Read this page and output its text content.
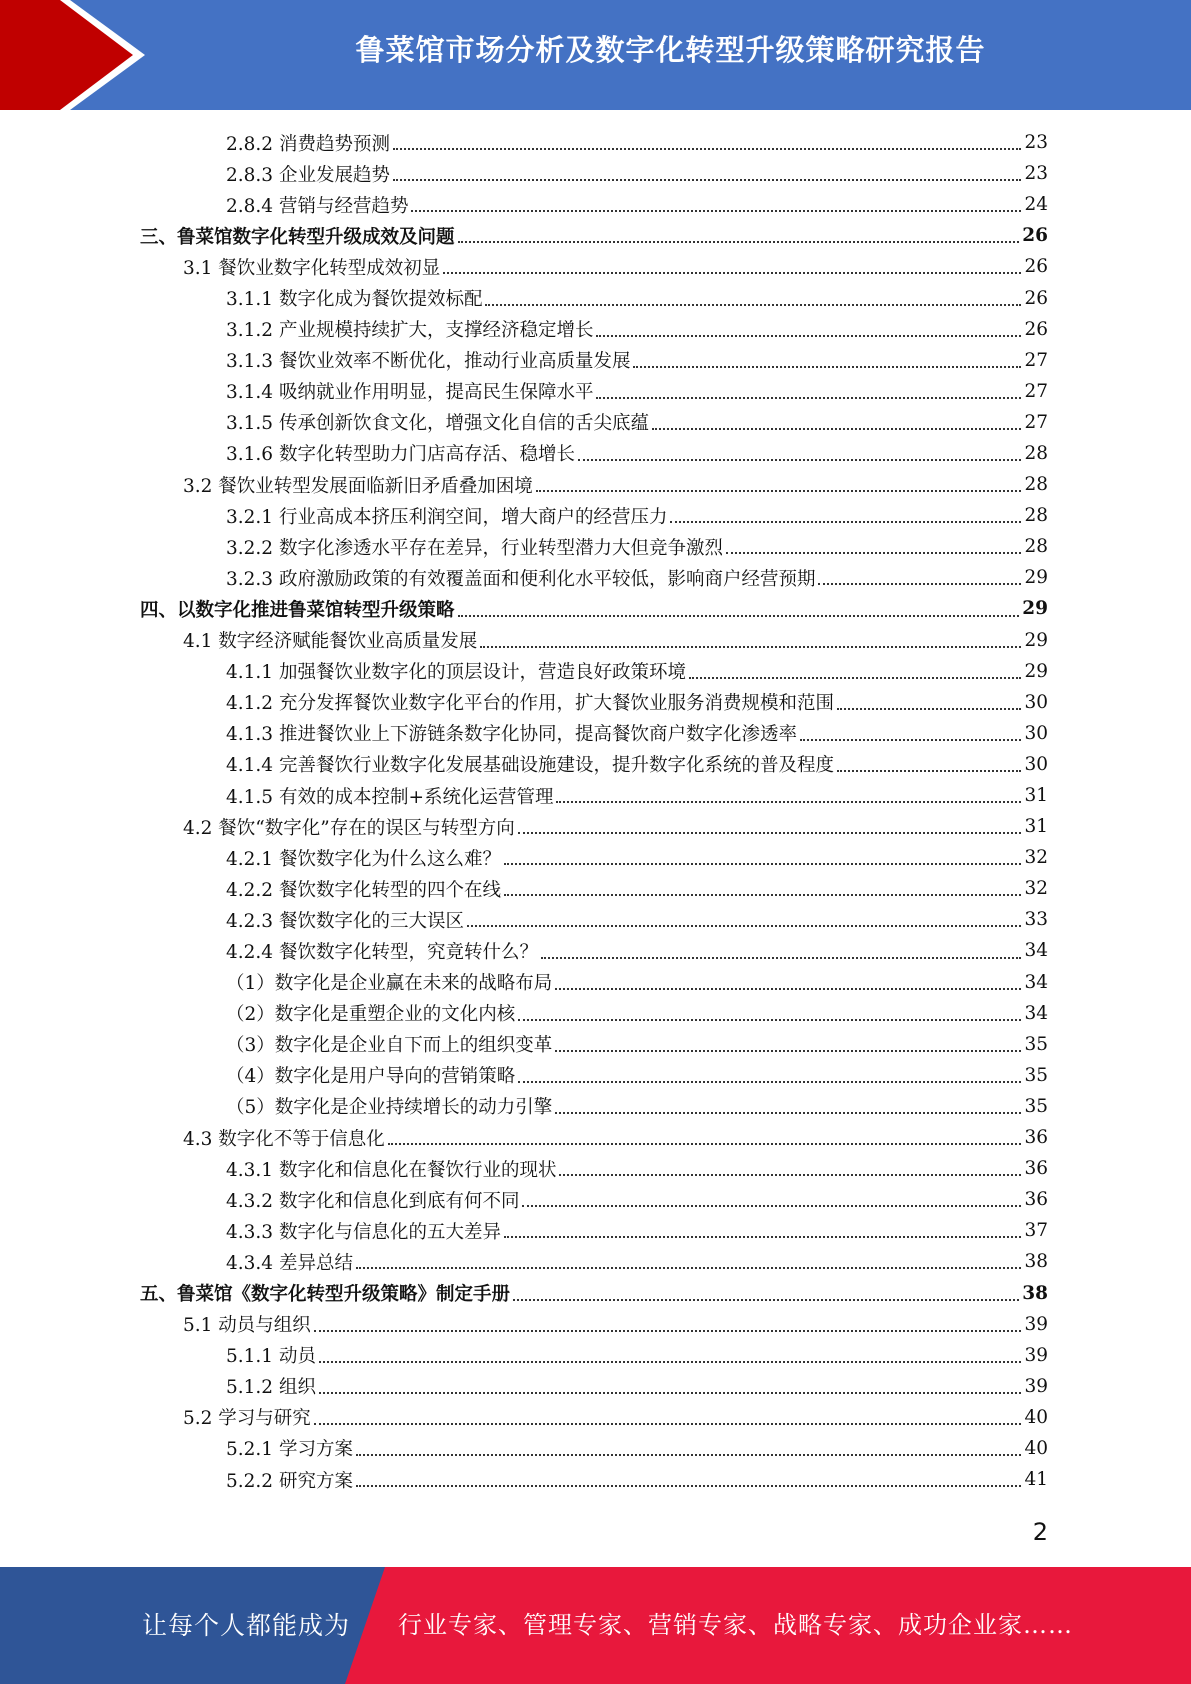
鲁菜馆市场分析及数字化转型升级策略研究报告
2.8.2 消费趋势预测	23
2.8.3 企业发展趋势	23
2.8.4 营销与经营趋势	24
三、鲁菜馆数字化转型升级成效及问题	26
3.1 餐饮业数字化转型成效初显	26
3.1.1 数字化成为餐饮提效标配	26
3.1.2 产业规模持续扩大，支撑经济稳定增长	26
3.1.3 餐饮业效率不断优化，推动行业高质量发展	27
3.1.4 吸纳就业作用明显，提高民生保障水平	27
3.1.5 传承创新饮食文化，增强文化自信的舌尖底蕴	27
3.1.6 数字化转型助力门店高存活、稳增长	28
3.2 餐饮业转型发展面临新旧矛盾叠加困境	28
3.2.1 行业高成本挤压利润空间，增大商户的经营压力	28
3.2.2 数字化渗透水平存在差异，行业转型潜力大但竞争激烈	28
3.2.3 政府激励政策的有效覆盖面和便利化水平较低，影响商户经营预期	29
四、以数字化推进鲁菜馆转型升级策略	29
4.1 数字经济赋能餐饮业高质量发展	29
4.1.1 加强餐饮业数字化的顶层设计，营造良好政策环境	29
4.1.2 充分发挥餐饮业数字化平台的作用，扩大餐饮业服务消费规模和范围	30
4.1.3 推进餐饮业上下游链条数字化协同，提高餐饮商户数字化渗透率	30
4.1.4 完善餐饮行业数字化发展基础设施建设，提升数字化系统的普及程度	30
4.1.5 有效的成本控制+系统化运营管理	31
4.2 餐饮“数字化”存在的误区与转型方向	31
4.2.1 餐饮数字化为什么这么难？	32
4.2.2 餐饮数字化转型的四个在线	32
4.2.3 餐饮数字化的三大误区	33
4.2.4 餐饮数字化转型，究竟转什么？	34
（1）数字化是企业赢在未来的战略布局	34
（2）数字化是重塑企业的文化内核	34
（3）数字化是企业自下而上的组织变革	35
（4）数字化是用户导向的营销策略	35
（5）数字化是企业持续增长的动力引擎	35
4.3 数字化不等于信息化	36
4.3.1 数字化和信息化在餐饮行业的现状	36
4.3.2 数字化和信息化到底有何不同	36
4.3.3 数字化与信息化的五大差异	37
4.3.4 差异总结	38
五、鲁菜馆《数字化转型升级策略》制定手册	38
5.1 动员与组织	39
5.1.1 动员	39
5.1.2 组织	39
5.2 学习与研究	40
5.2.1 学习方案	40
5.2.2 研究方案	41
2
让每个人都能成为 行业专家、管理专家、营销专家、战略专家、成功企业家……
